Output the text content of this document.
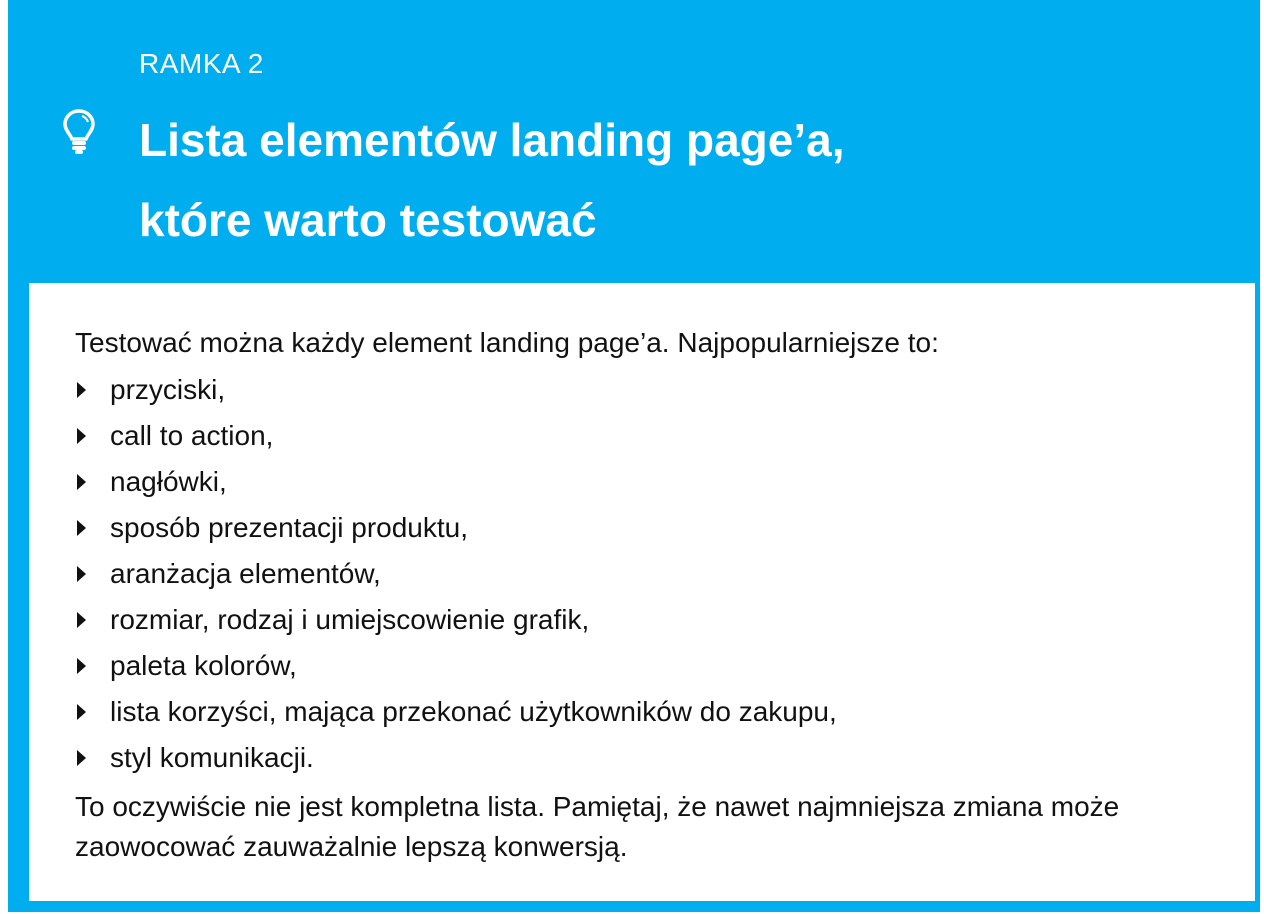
RAMKA 2
Lista elementów landing page’a,
które warto testować

Testować można każdy element landing page’a. Najpopularniejsze to:

przyciski,
call to action,
nagłówki,
sposób prezentacji produktu,
aranżacja elementów,
rozmiar, rodzaj i umiejscowienie grafik,
paleta kolorów,
lista korzyści, mająca przekonać użytkowników do zakupu,
styl komunikacji.

To oczywiście nie jest kompletna lista. Pamiętaj, że nawet najmniejsza zmiana może
zaowocować zauważalnie lepszą konwersją.
